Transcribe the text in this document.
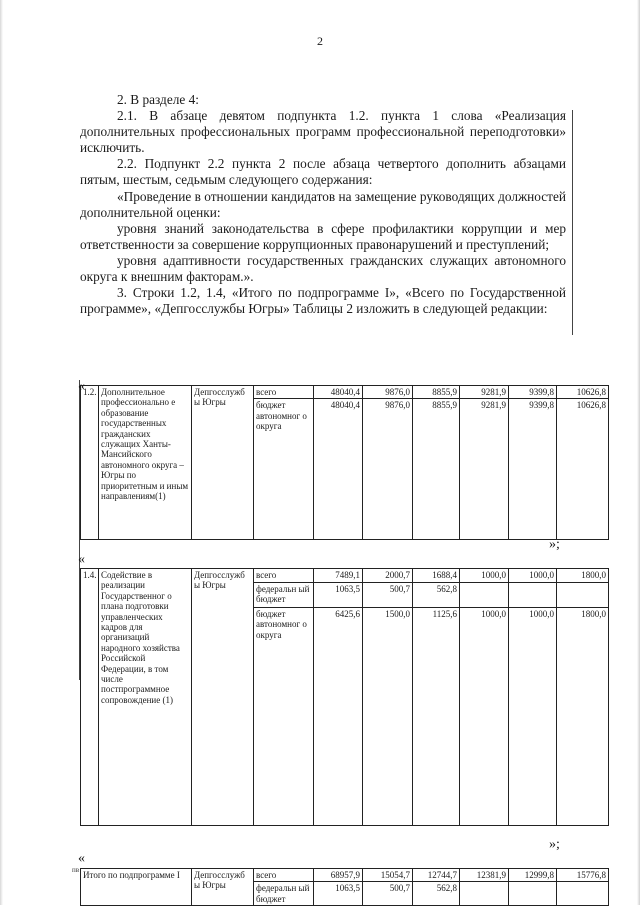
2

2. В разделе 4:

2.1. В абзаце девятом подпункта 1.2. пункта 1 слова «Реализация дополнительных профессиональных программ профессиональной переподготовки» исключить.

2.2. Подпункт 2.2 пункта 2 после абзаца четвертого дополнить абзацами пятым, шестым, седьмым следующего содержания:

«Проведение в отношении кандидатов на замещение руководящих должностей дополнительной оценки:

уровня знаний законодательства в сфере профилактики коррупции и мер ответственности за совершение коррупционных правонарушений и преступлений;

уровня адаптивности государственных гражданских служащих автономного округа к внешним факторам.».

3. Строки 1.2, 1.4, «Итого по подпрограмме I», «Всего по Государственной программе», «Депгосслужбы Югры» Таблицы 2 изложить в следующей редакции:

«
1.2.	Дополнительное профессионально е образование государственных гражданских служащих Ханты-Мансийского автономного округа – Югры по приоритетным и иным направлениям(1)	Депгосслужб ы Югры	всего	48040,4	9876,0	8855,9	9281,9	9399,8	10626,8
			бюджет автономног о округа	48040,4	9876,0	8855,9	9281,9	9399,8	10626,8
»;
«
1.4.	Содействие в реализации Государственног о плана подготовки управленческих кадров для организаций народного хозяйства Российской Федерации, в том числе постпрограммное сопровождение (1)	Депгосслужб ы Югры	всего	7489,1	2000,7	1688,4	1000,0	1000,0	1800,0
			федеральн ый бюджет	1063,5	500,7	562,8			
			бюджет автономног о округа	6425,6	1500,0	1125,6	1000,0	1000,0	1800,0
»;
«
Итого по подпрограмме I	Депгосслужб ы Югры	всего	68957,9	15054,7	12744,7	12381,9	12999,8	15776,8
		федеральн ый бюджет	1063,5	500,7	562,8			
пв
